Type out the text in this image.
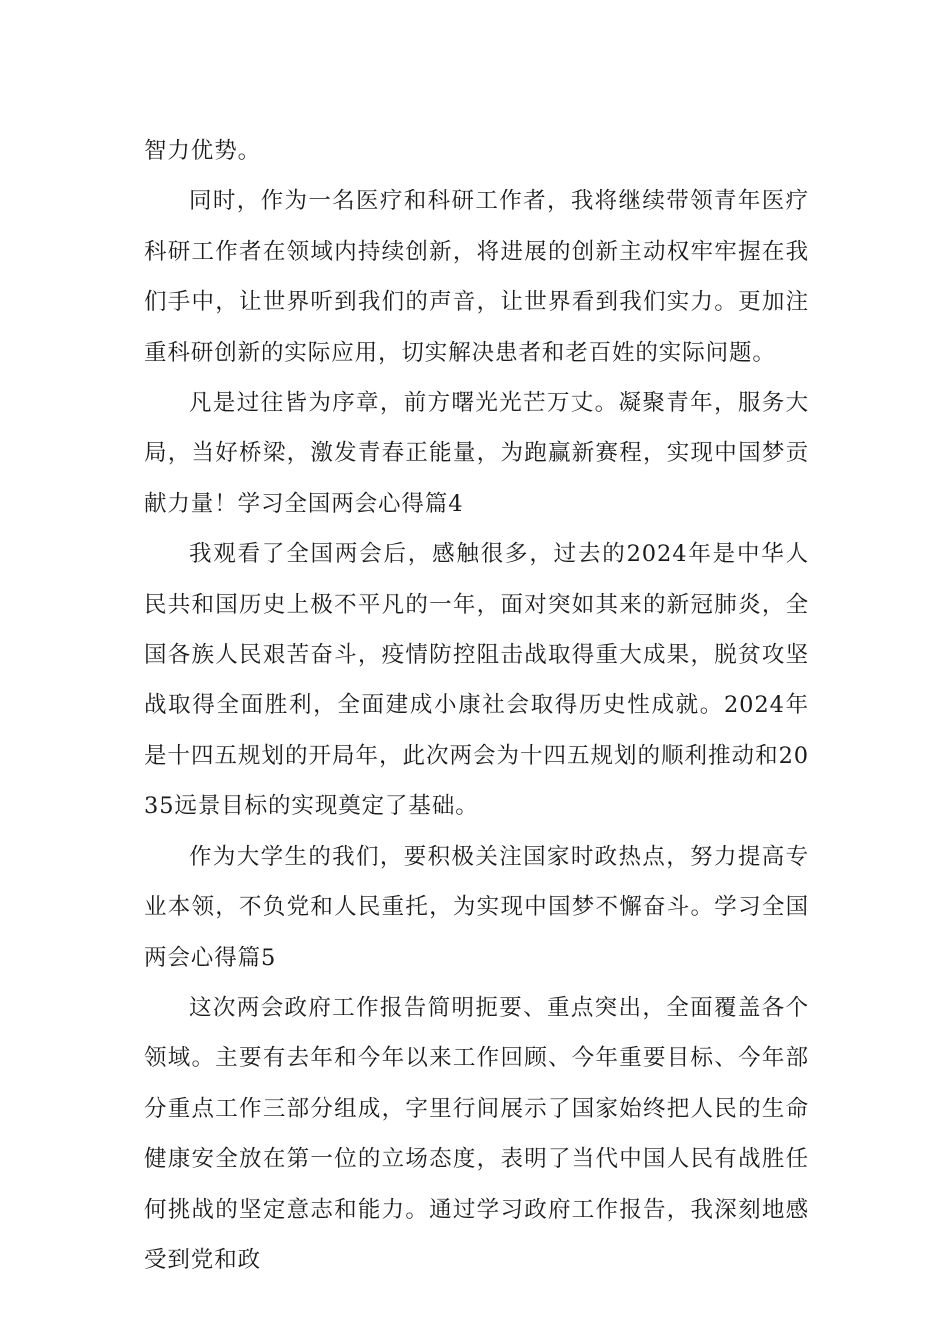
智力优势。

同时，作为一名医疗和科研工作者，我将继续带领青年医疗科研工作者在领域内持续创新，将进展的创新主动权牢牢握在我们手中，让世界听到我们的声音，让世界看到我们实力。更加注重科研创新的实际应用，切实解决患者和老百姓的实际问题。

凡是过往皆为序章，前方曙光光芒万丈。凝聚青年，服务大局，当好桥梁，激发青春正能量，为跑赢新赛程，实现中国梦贡献力量！学习全国两会心得篇4

我观看了全国两会后，感触很多，过去的2024年是中华人民共和国历史上极不平凡的一年，面对突如其来的新冠肺炎，全国各族人民艰苦奋斗，疫情防控阻击战取得重大成果，脱贫攻坚战取得全面胜利，全面建成小康社会取得历史性成就。2024年是十四五规划的开局年，此次两会为十四五规划的顺利推动和2035远景目标的实现奠定了基础。

作为大学生的我们，要积极关注国家时政热点，努力提高专业本领，不负党和人民重托，为实现中国梦不懈奋斗。学习全国两会心得篇5

这次两会政府工作报告简明扼要、重点突出，全面覆盖各个领域。主要有去年和今年以来工作回顾、今年重要目标、今年部分重点工作三部分组成，字里行间展示了国家始终把人民的生命健康安全放在第一位的立场态度，表明了当代中国人民有战胜任何挑战的坚定意志和能力。通过学习政府工作报告，我深刻地感受到党和政
